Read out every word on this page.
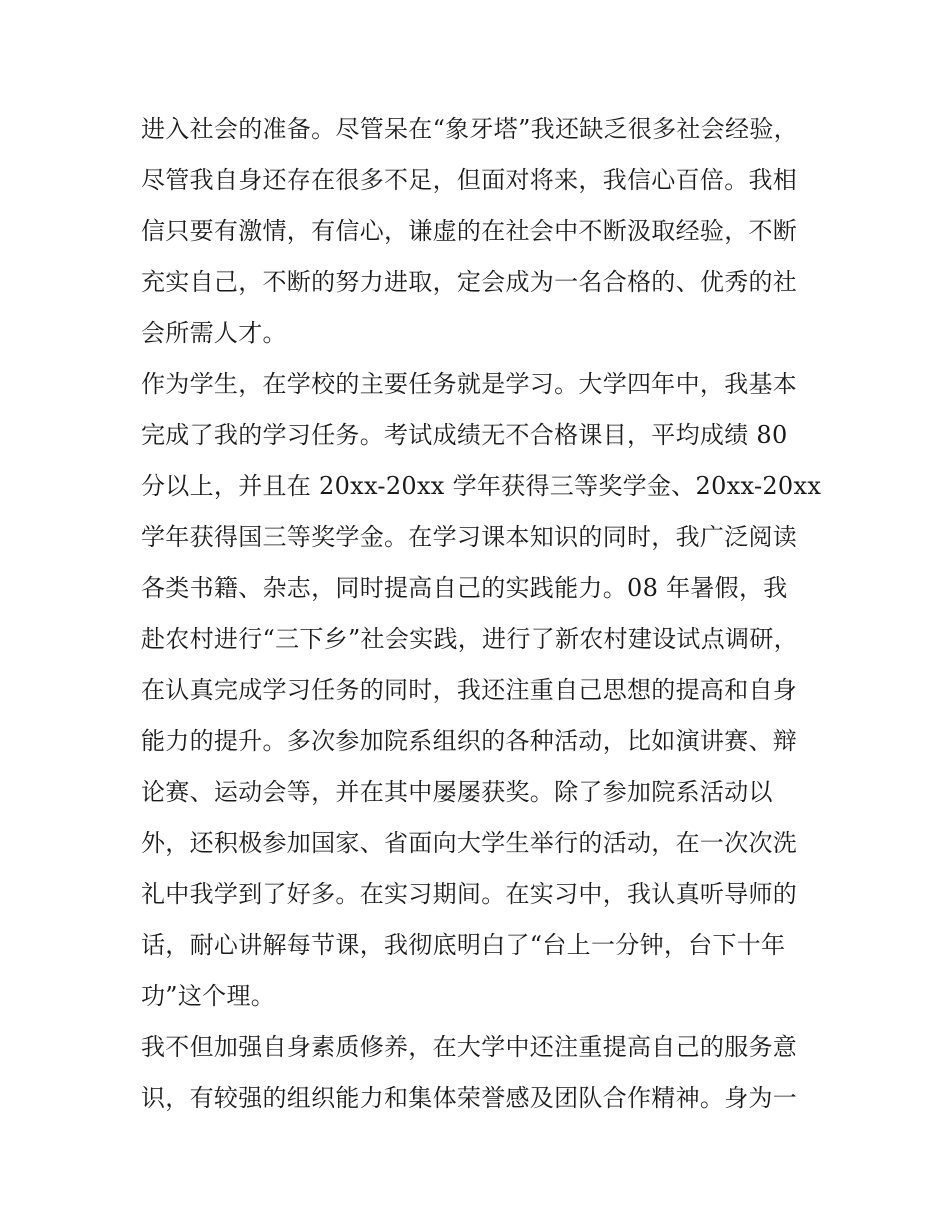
进入社会的准备。尽管呆在“象牙塔”我还缺乏很多社会经验，
尽管我自身还存在很多不足，但面对将来，我信心百倍。我相
信只要有激情，有信心，谦虚的在社会中不断汲取经验，不断
充实自己，不断的努力进取，定会成为一名合格的、优秀的社
会所需人才。
作为学生，在学校的主要任务就是学习。大学四年中，我基本
完成了我的学习任务。考试成绩无不合格课目，平均成绩 80
分以上，并且在 20xx-20xx 学年获得三等奖学金、20xx-20xx
学年获得国三等奖学金。在学习课本知识的同时，我广泛阅读
各类书籍、杂志，同时提高自己的实践能力。08 年暑假，我
赴农村进行“三下乡”社会实践，进行了新农村建设试点调研，
在认真完成学习任务的同时，我还注重自己思想的提高和自身
能力的提升。多次参加院系组织的各种活动，比如演讲赛、辩
论赛、运动会等，并在其中屡屡获奖。除了参加院系活动以
外，还积极参加国家、省面向大学生举行的活动，在一次次洗
礼中我学到了好多。在实习期间。在实习中，我认真听导师的
话，耐心讲解每节课，我彻底明白了“台上一分钟，台下十年
功”这个理。
我不但加强自身素质修养，在大学中还注重提高自己的服务意
识，有较强的组织能力和集体荣誉感及团队合作精神。身为一
